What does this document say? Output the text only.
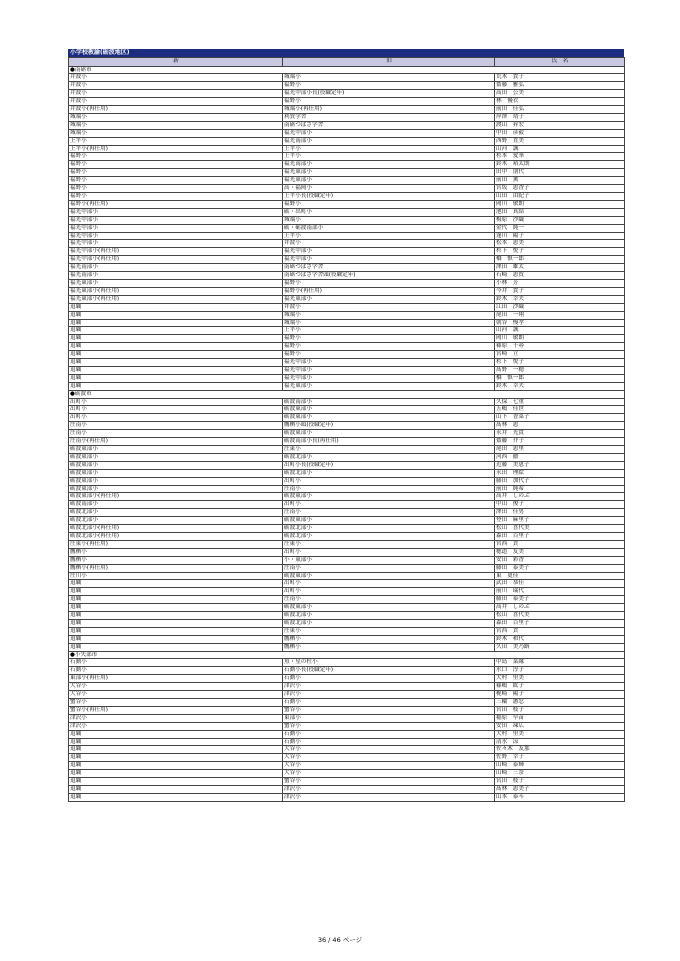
小学校教諭(砺波地区)
新	旧	氏　名
●南砺市		
井波小	城端小	荒木　貴子
井波小	福野小	齋藤　雅弘
井波小	福光中部小長(役職定年)	高田　公美
井波小	福野小	林　優衣
井波小(再任用)	城端小(再任用)	前田　佳弘
城端小	利賀学舎	岸澤　靖子
城端小	南砺つばさ学舎	渡山　昇宏
城端小	福光中部小	中田　彦毅
上平小	福光南部小	西野　直美
上平小(再任用)	上平小	山河　誠
福野小	上平小	杉本　愛華
福野小	福光南部小	鈴木　裕太朗
福野小	福光東部小	田中　朋代
福野小	福光東部小	前田　薫
福野小	高・福岡小	宮坂　恵香子
福野小	上平小長(役職定年)	山田　由紀子
福野小(再任用)	福野小	岡川　敏朗
福光中部小	砺・出町小	池田　真結
福光中部小	城端小	梅原　沙織
福光中部小	砺・砺波南部小	金代　純一
福光中部小	上平小	蓬川　陽子
福光中部小	井波小	松本　恵美
福光中部小(再任用)	福光中部小	杉下　悦子
福光中部小(再任用)	福光中部小	橋　慎一郎
福光南部小	南砺つばさ学舎	澤田　雄太
福光南部小	南砺つばさ学舎頭(役職定年)	石崎　恵賀
福光東部小	福野小	小林　芳
福光東部小(再任用)	福野小(再任用)	今井　貴子
福光東部小(再任用)	福光東部小	鈴木　幸夫
退職	井波小	江田　沙織
退職	城端小	尾田　一翔
退職	城端小	朝谷　慢孝
退職	上平小	山河　誠
退職	福野小	岡川　敏朗
退職	福野小	篠原　千尋
退職	福野小	宮崎　立
退職	福光中部小	杉下　悦子
退職	福光中部小	髙野　一穂
退職	福光中部小	橋　慎一郎
退職	福光東部小	鈴木　幸夫
●砺波市		
出町小	砺波南部小	久保　七重
出町小	砺波東部小	五嶋　佳世
出町小	砺波東部小	山下　香菜子
庄南小	鷹栖小頭(役職定年)	髙林　恵
庄南小	砺波東部小	永井　光貴
庄南小(再任用)	砺波南部小長(再任用)	齋藤　介子
砺波東部小	庄東小	尾田　恵里
砺波東部小	砺波北部小	河西　徹
砺波東部小	出町小長(役職定年)	近藤　美恵子
砺波東部小	砺波北部小	永田　理絵
砺波東部小	出町小	藤田　加代子
砺波東部小	庄南小	前田　純希
砺波東部小(再任用)	砺波東部小	高井　しのぶ
砺波南部小	出町小	中山　俊子
砺波北部小	庄南小	澤田　佳男
砺波北部小	砺波東部小	登田　麻里子
砺波北部小(再任用)	砺波北部小	松山　喜代美
砺波北部小(再任用)	砺波北部小	森田　百里子
庄東小(再任用)	庄東小	宮西　貢
鷹栖小	出町小	穂道　友美
鷹栖小	小・東部小	安田　彩香
鷹栖小(再任用)	庄南小	藤田　泰美子
庄川小	砺波東部小	東　更佳
退職	出町小	武田　恭佳
退職	出町小	前川　瑞代
退職	庄南小	藤田　泰美子
退職	砺波東部小	高井　しのぶ
退職	砺波北部小	松山　喜代美
退職	砺波北部小	森田　百里子
退職	庄東小	宮西　貢
退職	鷹栖小	鈴木　和代
退職	鷹栖小	久田　美乃路
●小矢部市		
石動小	魚・星の杜小	中島　菜縁
石動小	石動小長(役職定年)	水口　淳子
東部小(再任用)	石動小	大村　里美
大谷小	津沢小	篠嶋　紘子
大谷小	津沢小	梶崎　陽子
蟹谷小	石動小	三輪　憲忍
蟹谷小(再任用)	蟹谷小	宮田　枝子
津沢小	東部小	稲原　早苗
津沢小	蟹谷小	安田　凍広
退職	石動小	大村　里美
退職	石動小	清水　涼
退職	大谷小	佐々木　友那
退職	大谷小	佐野　幸子
退職	大谷小	山崎　泰輝
退職	大谷小	山崎　三奈
退職	蟹谷小	宮田　枝子
退職	津沢小	髙林　恵美子
退職	津沢小	山本　泰斗
36 / 46 ページ
